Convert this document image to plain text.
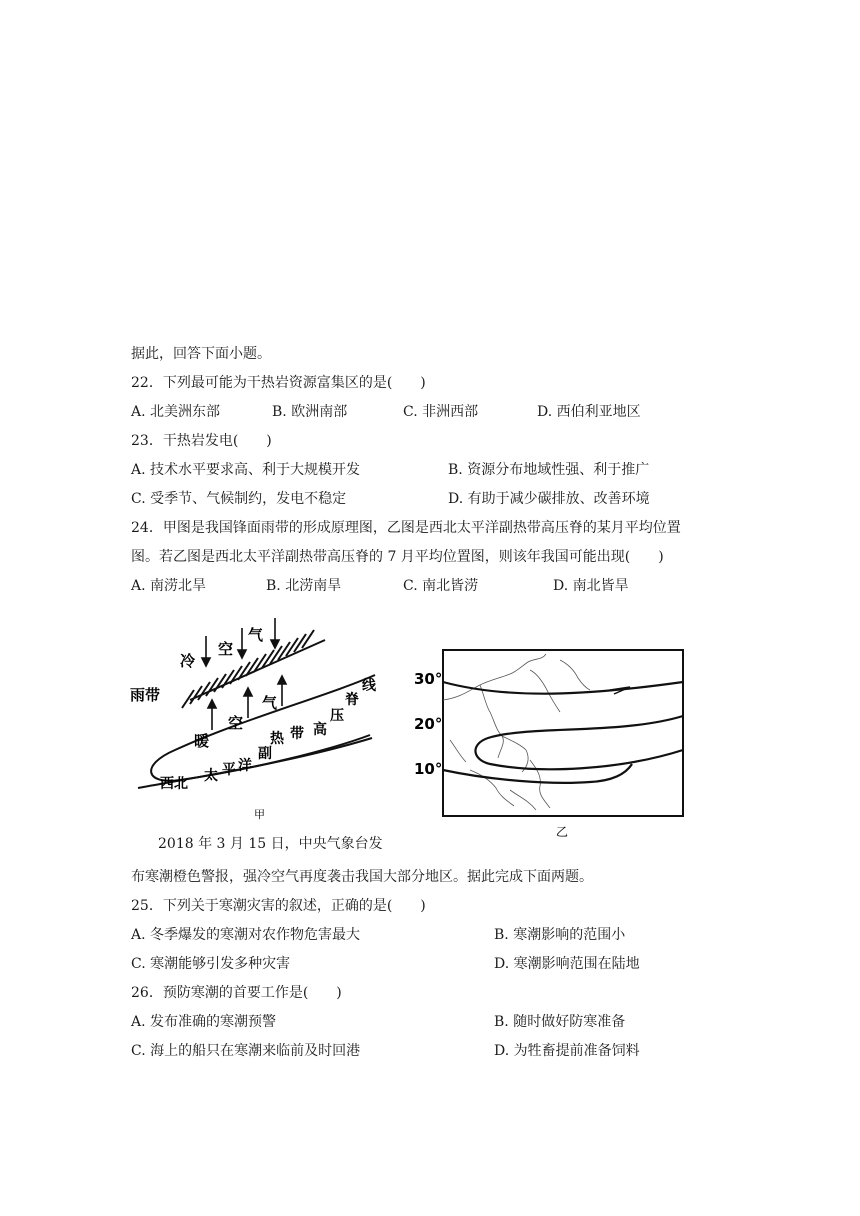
据此，回答下面小题。
22．下列最可能为干热岩资源富集区的是(　　)
A. 北美洲东部	B. 欧洲南部	C. 非洲西部	D. 西伯利亚地区
23．干热岩发电(　　)
A. 技术水平要求高、利于大规模开发	B. 资源分布地域性强、利于推广
C. 受季节、气候制约，发电不稳定	D. 有助于减少碳排放、改善环境
24．甲图是我国锋面雨带的形成原理图，乙图是西北太平洋副热带高压脊的某月平均位置
图。若乙图是西北太平洋副热带高压脊的 7 月平均位置图，则该年我国可能出现(　　)
A. 南涝北旱	B. 北涝南旱	C. 南北皆涝	D. 南北皆旱
雨带
冷
空
气
暖
空
气
西北 太 平 洋
副
热 带 高
压
脊
线
甲
30°
20°
10°
乙
2018 年 3 月 15 日，中央气象台发
布寒潮橙色警报，强冷空气再度袭击我国大部分地区。据此完成下面两题。
25．下列关于寒潮灾害的叙述，正确的是(　　)
A. 冬季爆发的寒潮对农作物危害最大	B. 寒潮影响的范围小
C. 寒潮能够引发多种灾害	D. 寒潮影响范围在陆地
26．预防寒潮的首要工作是(　　)
A. 发布准确的寒潮预警	B. 随时做好防寒准备
C. 海上的船只在寒潮来临前及时回港	D. 为牲畜提前准备饲料
